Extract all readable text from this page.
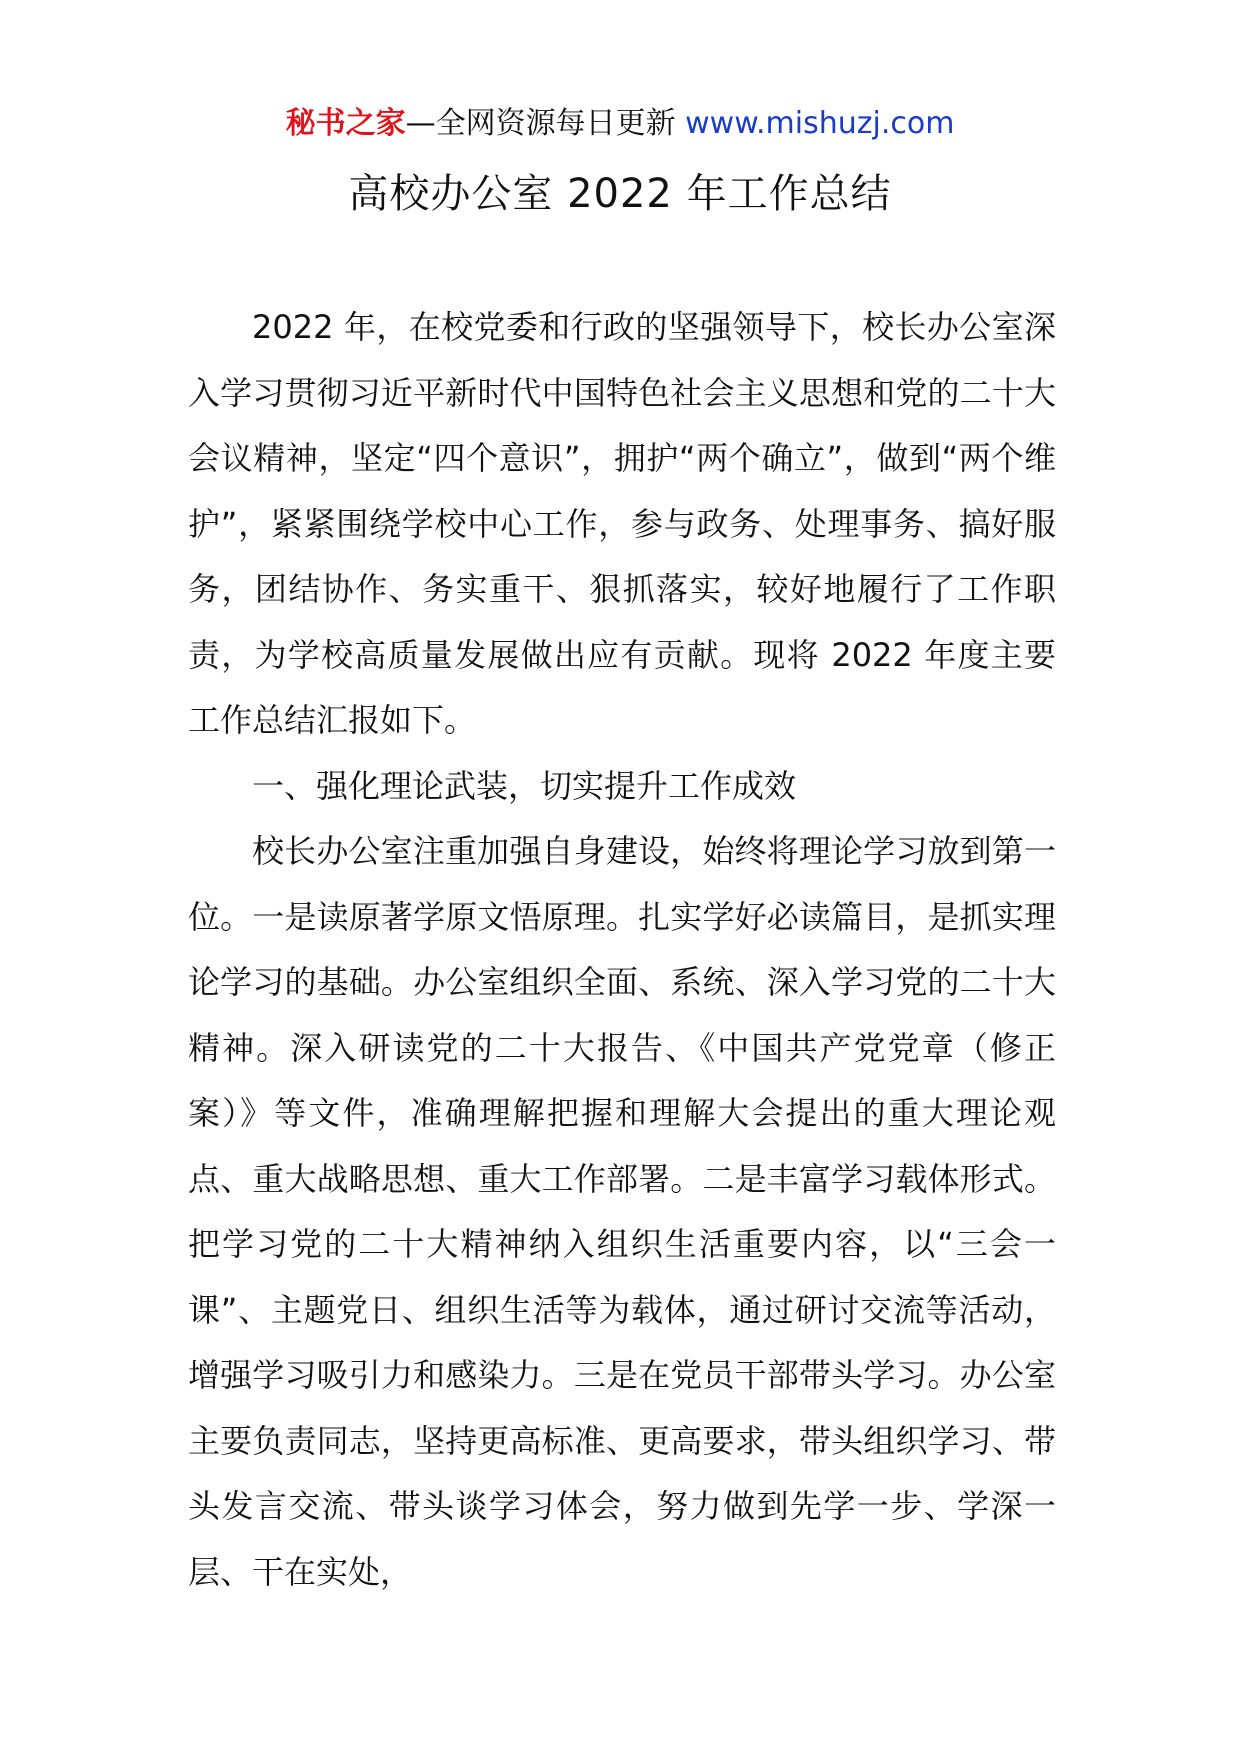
秘书之家—全网资源每日更新 www.mishuzj.com
高校办公室 2022 年工作总结

2022 年，在校党委和行政的坚强领导下，校长办公室深入学习贯彻习近平新时代中国特色社会主义思想和党的二十大会议精神，坚定“四个意识”，拥护“两个确立”，做到“两个维护”，紧紧围绕学校中心工作，参与政务、处理事务、搞好服务，团结协作、务实重干、狠抓落实，较好地履行了工作职责，为学校高质量发展做出应有贡献。现将 2022 年度主要工作总结汇报如下。

一、强化理论武装，切实提升工作成效

校长办公室注重加强自身建设，始终将理论学习放到第一位。一是读原著学原文悟原理。扎实学好必读篇目，是抓实理论学习的基础。办公室组织全面、系统、深入学习党的二十大精神。深入研读党的二十大报告、《中国共产党党章（修正案）》等文件，准确理解把握和理解大会提出的重大理论观点、重大战略思想、重大工作部署。二是丰富学习载体形式。把学习党的二十大精神纳入组织生活重要内容，以“三会一课”、主题党日、组织生活等为载体，通过研讨交流等活动，增强学习吸引力和感染力。三是在党员干部带头学习。办公室主要负责同志，坚持更高标准、更高要求，带头组织学习、带头发言交流、带头谈学习体会，努力做到先学一步、学深一层、干在实处，
